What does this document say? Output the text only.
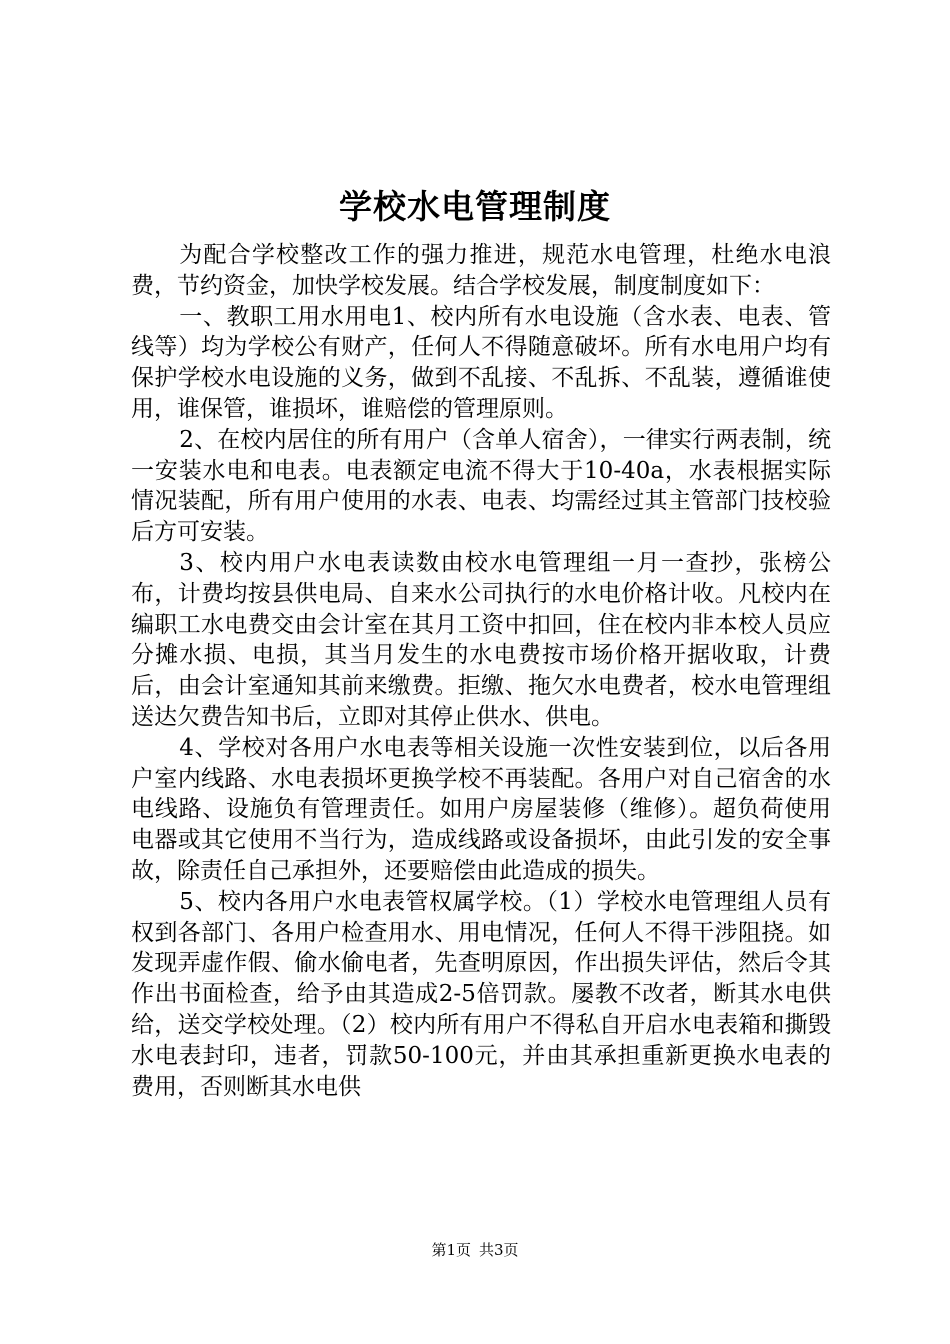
学校水电管理制度

为配合学校整改工作的强力推进，规范水电管理，杜绝水电浪费，节约资金，加快学校发展。结合学校发展，制度制度如下：

一、教职工用水用电1、校内所有水电设施（含水表、电表、管线等）均为学校公有财产，任何人不得随意破坏。所有水电用户均有保护学校水电设施的义务，做到不乱接、不乱拆、不乱装，遵循谁使用，谁保管，谁损坏，谁赔偿的管理原则。

2、在校内居住的所有用户（含单人宿舍），一律实行两表制，统一安装水电和电表。电表额定电流不得大于10-40a，水表根据实际情况装配，所有用户使用的水表、电表、均需经过其主管部门技校验后方可安装。

3、校内用户水电表读数由校水电管理组一月一查抄，张榜公布，计费均按县供电局、自来水公司执行的水电价格计收。凡校内在编职工水电费交由会计室在其月工资中扣回，住在校内非本校人员应分摊水损、电损，其当月发生的水电费按市场价格开据收取，计费后，由会计室通知其前来缴费。拒缴、拖欠水电费者，校水电管理组送达欠费告知书后，立即对其停止供水、供电。

4、学校对各用户水电表等相关设施一次性安装到位，以后各用户室内线路、水电表损坏更换学校不再装配。各用户对自己宿舍的水电线路、设施负有管理责任。如用户房屋装修（维修）。超负荷使用电器或其它使用不当行为，造成线路或设备损坏，由此引发的安全事故，除责任自己承担外，还要赔偿由此造成的损失。

5、校内各用户水电表管权属学校。（1）学校水电管理组人员有权到各部门、各用户检查用水、用电情况，任何人不得干涉阻挠。如发现弄虚作假、偷水偷电者，先查明原因，作出损失评估，然后令其作出书面检查，给予由其造成2-5倍罚款。屡教不改者，断其水电供给，送交学校处理。（2）校内所有用户不得私自开启水电表箱和撕毁水电表封印，违者，罚款50-100元，并由其承担重新更换水电表的费用，否则断其水电供

第1页 共3页
